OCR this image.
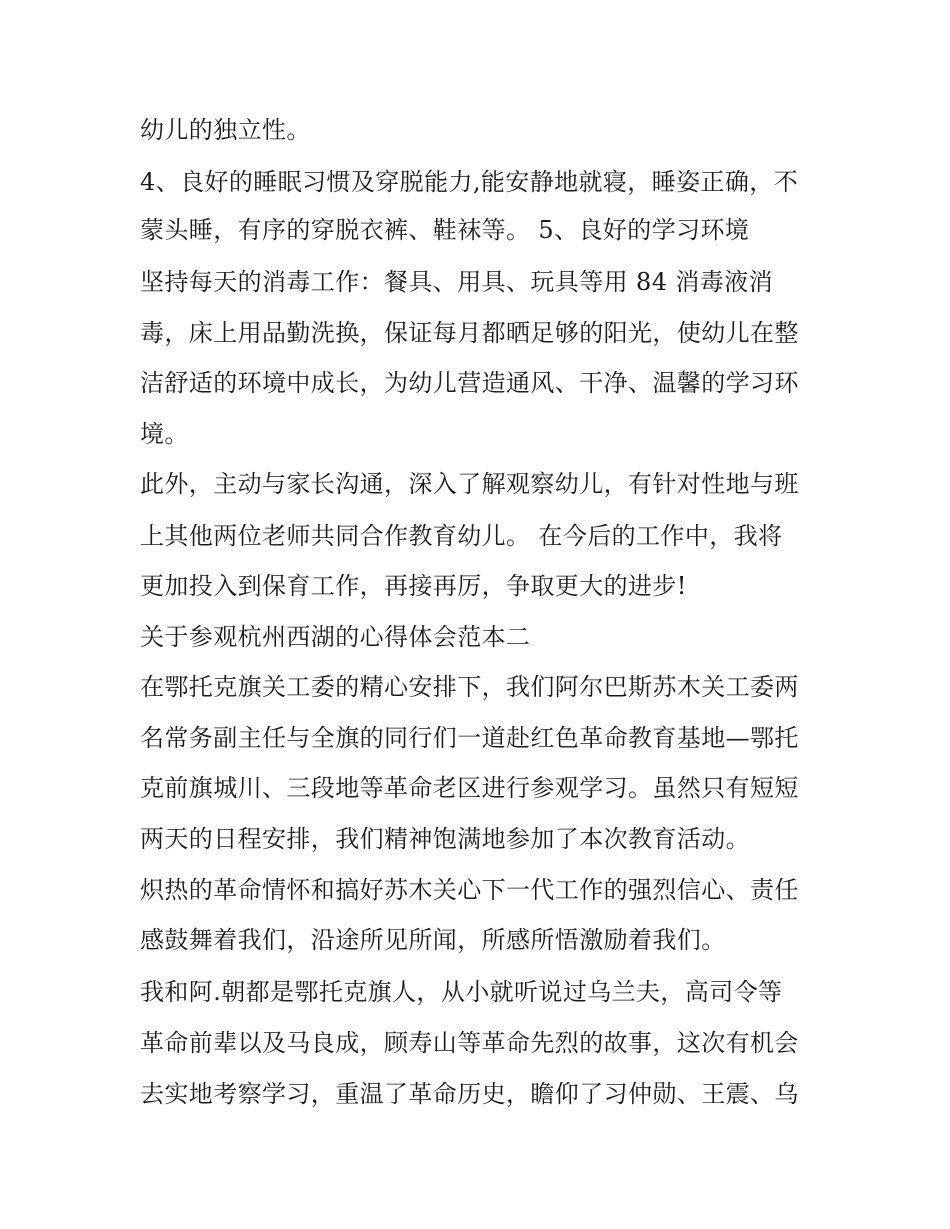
幼儿的独立性。
4、良好的睡眠习惯及穿脱能力,能安静地就寝，睡姿正确，不
蒙头睡，有序的穿脱衣裤、鞋袜等。 5、良好的学习环境
坚持每天的消毒工作：餐具、用具、玩具等用 84 消毒液消
毒，床上用品勤洗换，保证每月都晒足够的阳光，使幼儿在整
洁舒适的环境中成长，为幼儿营造通风、干净、温馨的学习环
境。
此外，主动与家长沟通，深入了解观察幼儿，有针对性地与班
上其他两位老师共同合作教育幼儿。 在今后的工作中，我将
更加投入到保育工作，再接再厉，争取更大的进步!
关于参观杭州西湖的心得体会范本二
在鄂托克旗关工委的精心安排下，我们阿尔巴斯苏木关工委两
名常务副主任与全旗的同行们一道赴红色革命教育基地—鄂托
克前旗城川、三段地等革命老区进行参观学习。虽然只有短短
两天的日程安排，我们精神饱满地参加了本次教育活动。
炽热的革命情怀和搞好苏木关心下一代工作的强烈信心、责任
感鼓舞着我们，沿途所见所闻，所感所悟激励着我们。
我和阿.朝都是鄂托克旗人，从小就听说过乌兰夫，高司令等
革命前辈以及马良成，顾寿山等革命先烈的故事，这次有机会
去实地考察学习，重温了革命历史，瞻仰了习仲勋、王震、乌
